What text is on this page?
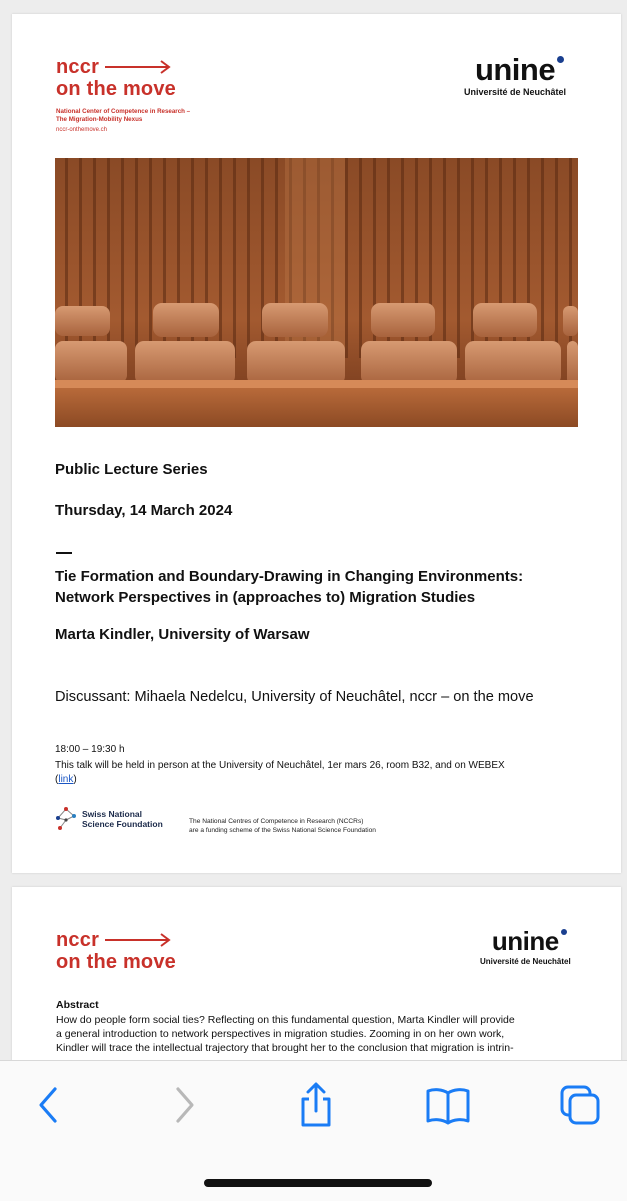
nccr
on the move
National Center of Competence in Research –
The Migration-Mobility Nexus
nccr-onthemove.ch
unine
Université de Neuchâtel
Public Lecture Series
Thursday, 14 March 2024
Tie Formation and Boundary-Drawing in Changing Environments:
Network Perspectives in (approaches to) Migration Studies
Marta Kindler, University of Warsaw
Discussant: Mihaela Nedelcu, University of Neuchâtel, nccr – on the move
18:00 – 19:30 h
This talk will be held in person at the University of Neuchâtel, 1er mars 26, room B32, and on WEBEX
(link)
Swiss National
Science Foundation	The National Centres of Competence in Research (NCCRs)
are a funding scheme of the Swiss National Science Foundation
nccr
on the move
unine
Université de Neuchâtel
Abstract
How do people form social ties? Reflecting on this fundamental question, Marta Kindler will provide
a general introduction to network perspectives in migration studies. Zooming in on her own work,
Kindler will trace the intellectual trajectory that brought her to the conclusion that migration is intrin-
